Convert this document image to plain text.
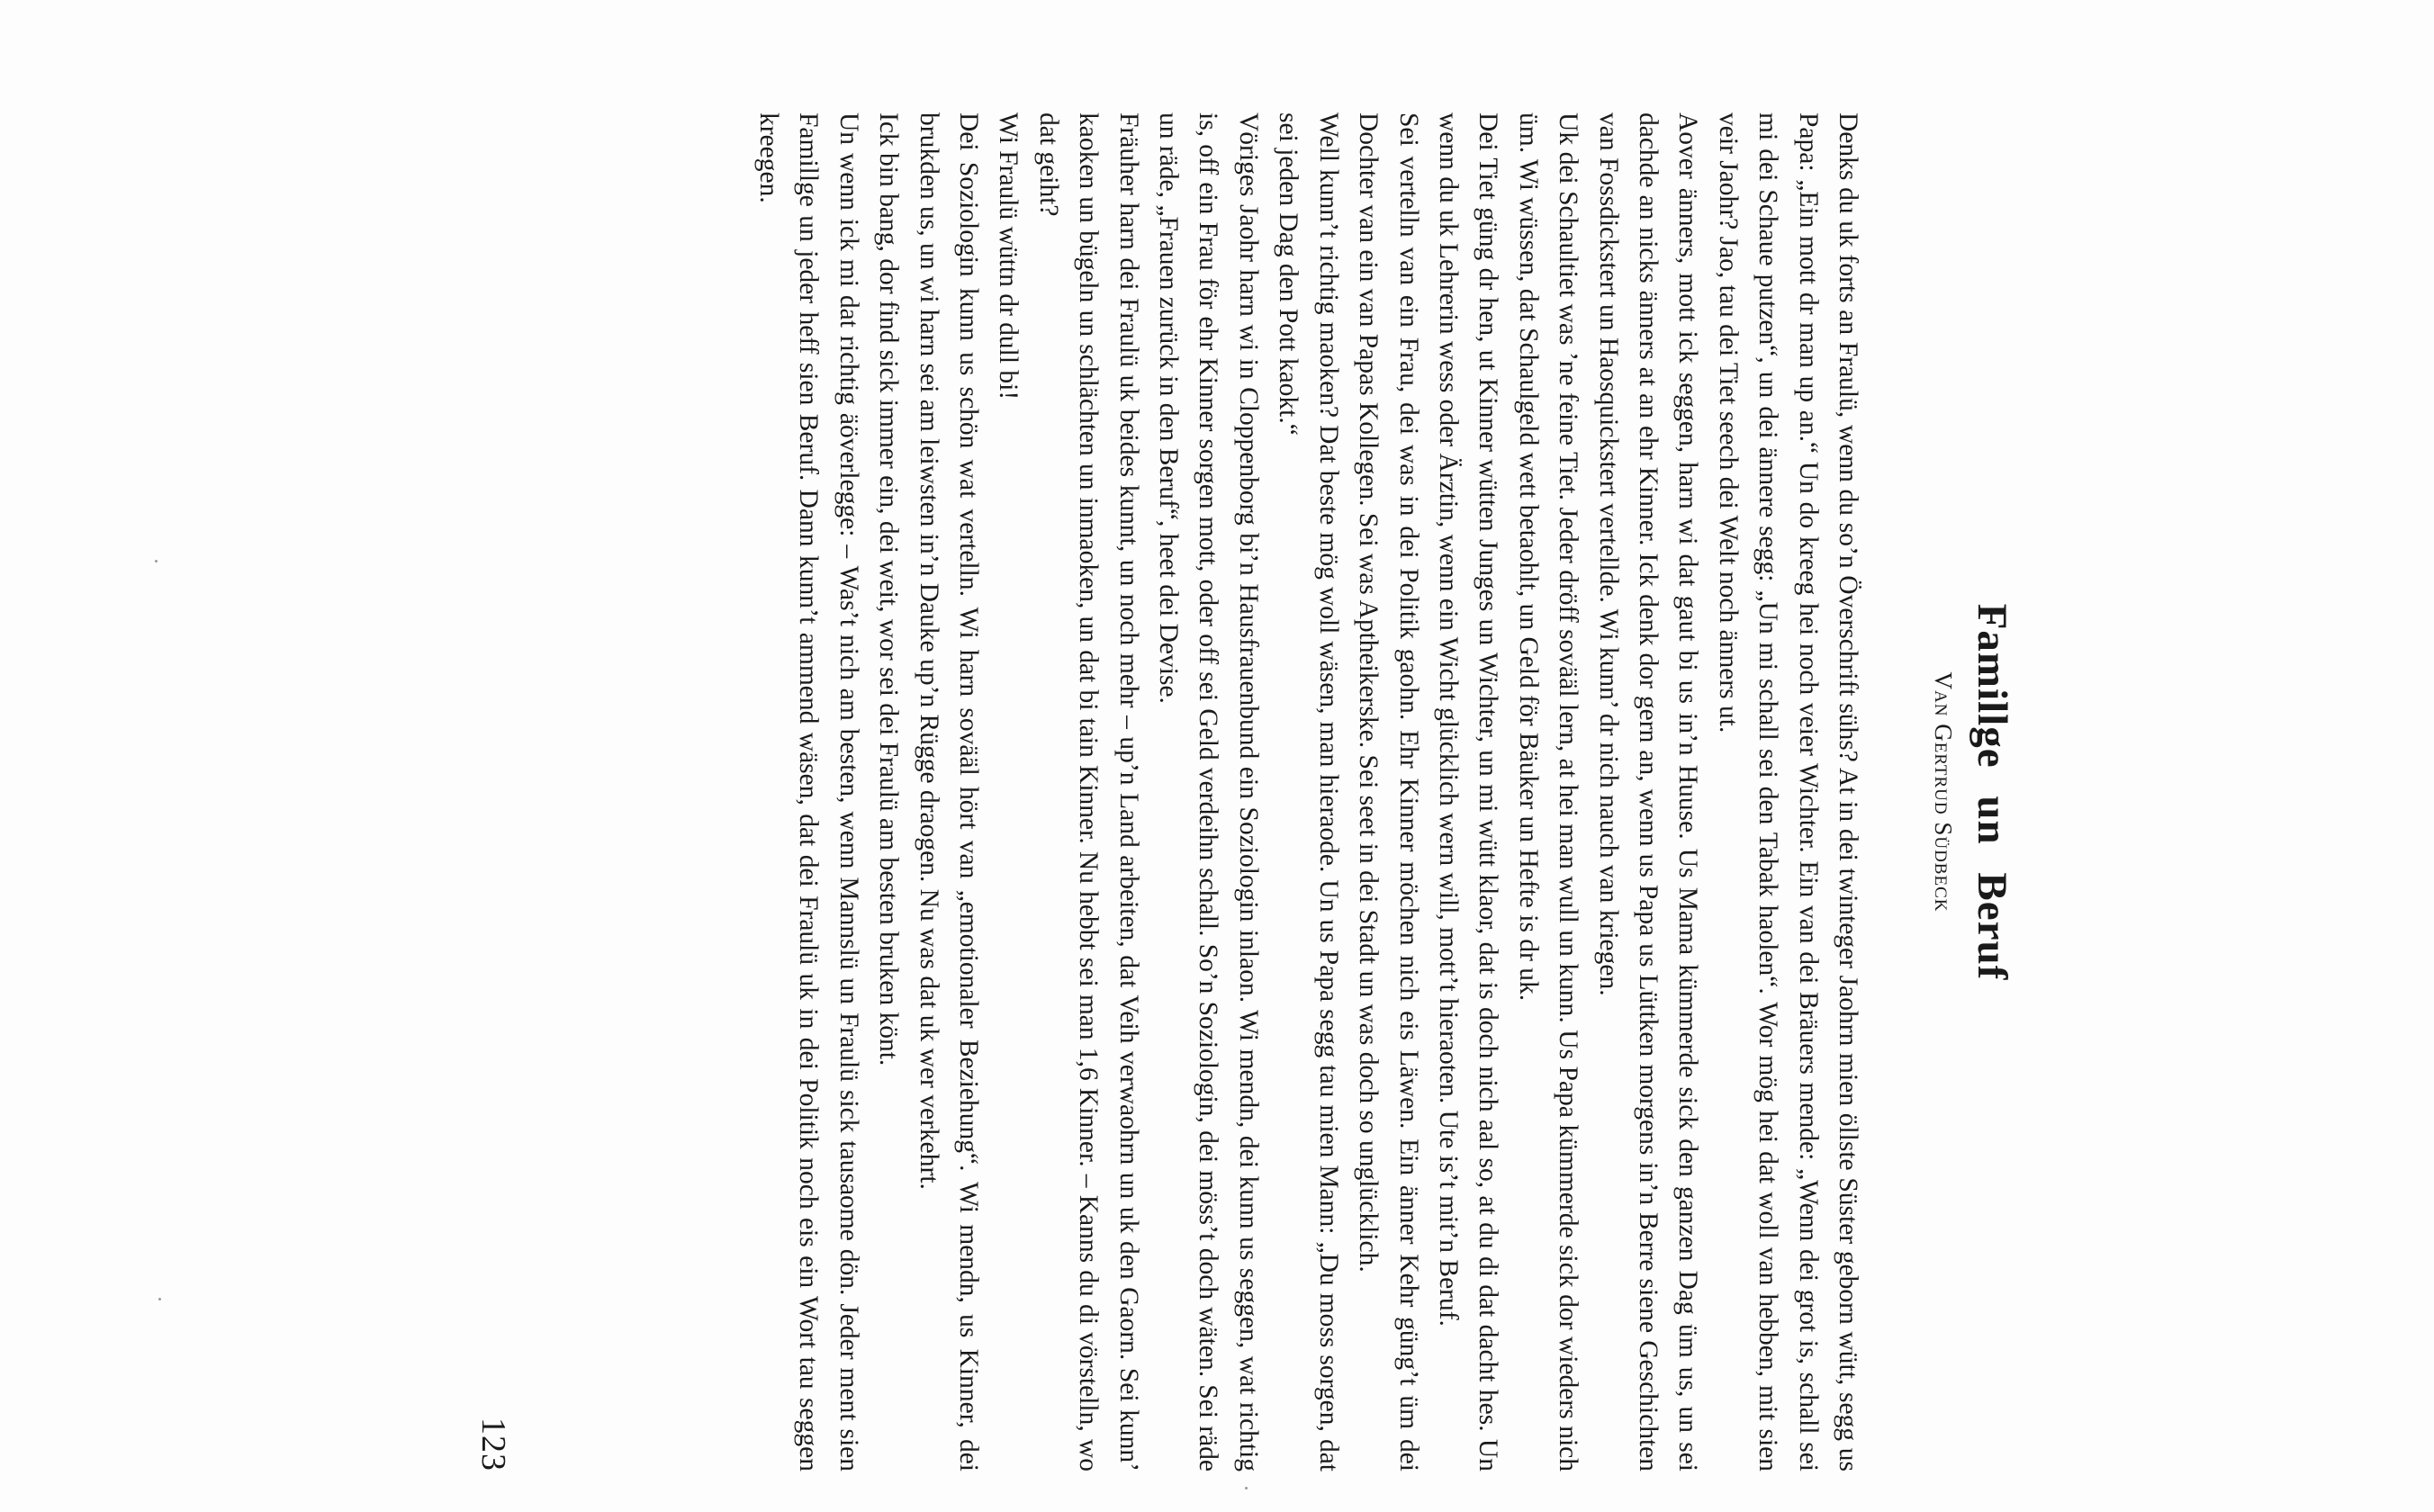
Famillge un Beruf
Van Gertrud Südbeck

Denks du uk forts an Fraulü, wenn du so’n Överschrift sühs? At in dei twinteger Jaohrn mien öllste Süster geborn wütt, segg us Papa: „Ein mott dr man up an.“ Un do kreeg hei noch veier Wichter. Ein van dei Bräuers mende: „Wenn dei grot is, schall sei mi dei Schaue putzen“, un dei ännere segg: „Un mi schall sei den Tabak haolen“. Wor mög hei dat woll van hebben, mit sien veir Jaohr? Jao, tau dei Tiet seech dei Welt noch änners ut.

Aover änners, mott ick seggen, harn wi dat gaut bi us in’n Huuse. Us Mama kümmerde sick den ganzen Dag üm us, un sei dachde an nicks änners at an ehr Kinner. Ick denk dor gern an, wenn us Papa us Lüttken morgens in’n Berre siene Geschichten van Fossdickstert un Haosquickstert vertellde. Wi kunn’ dr nich nauch van kriegen.

Uk dei Schaultiet was ’ne feine Tiet. Jeder dröff sovääl lern, at hei man wull un kunn. Us Papa kümmerde sick dor wieders nich üm. Wi wüssen, dat Schaulgeld wett betaohlt, un Geld för Bäuker un Hefte is dr uk.

Dei Tiet güng dr hen, ut Kinner wütten Junges un Wichter, un mi wütt klaor, dat is doch nich aal so, at du di dat dacht hes. Un wenn du uk Lehrerin wess oder Ärztin, wenn ein Wicht glücklich wern will, mott’t hieraoten. Ute is’t mit’n Beruf.

Sei vertelln van ein Frau, dei was in dei Politik gaohn. Ehr Kinner möchen nich eis Läwen. Ein änner Kehr güng’t üm dei Dochter van ein van Papas Kollegen. Sei was Aptheikerske. Sei seet in dei Stadt un was doch so unglücklich.

Well kunn’t richtig maoken? Dat beste mög woll wäsen, man hieraode. Un us Papa segg tau mien Mann: „Du moss sorgen, dat sei jeden Dag den Pott kaokt.“

Vöriges Jaohr harn wi in Cloppenborg bi’n Hausfrauenbund ein Soziologin inlaon. Wi mendn, dei kunn us seggen, wat richtig is, off ein Frau för ehr Kinner sorgen mott, oder off sei Geld verdeihn schall. So’n Soziologin, dei möss’t doch wäten. Sei räde un räde, „Frauen zurück in den Beruf“, heet dei Devise.

Fräuher harn dei Fraulü uk beides kunnt, un noch mehr – up’n Land arbeiten, dat Veih verwaohrn un uk den Gaorn. Sei kunn’ kaoken un bügeln un schlächten un inmaoken, un dat bi tain Kinner. Nu hebbt sei man 1,6 Kinner. – Kanns du di vörstelln, wo dat geiht?

Wi Fraulü wüttn dr dull bi!

Dei Soziologin kunn us schön wat vertelln. Wi harn sovääl hört van „emotionaler Beziehung“. Wi mendn, us Kinner, dei brukden us, un wi harn sei am leiwsten in’n Dauke up’n Rügge draogen. Nu was dat uk wer verkehrt.

Ick bin bang, dor find sick immer ein, dei weit, wor sei dei Fraulü am besten bruken könt.

Un wenn ick mi dat richtig äöverlegge: – Was’t nich am besten, wenn Mannslü un Fraulü sick tausaome dön. Jeder ment sien Famillge un jeder heff sien Beruf. Dann kunn’t ammend wäsen, dat dei Fraulü uk in dei Politik noch eis ein Wort tau seggen kreegen.

123
